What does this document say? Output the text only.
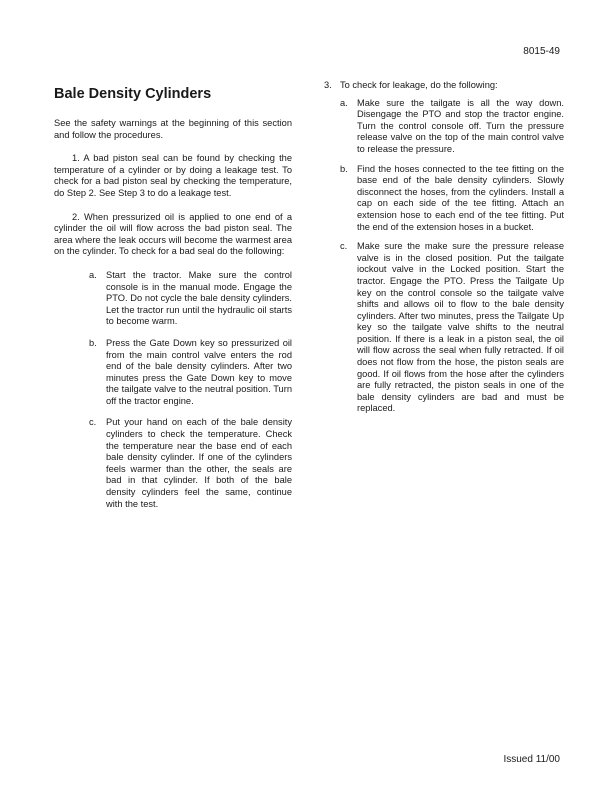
8015-49
Bale Density Cylinders

See the safety warnings at the beginning of this section and follow the procedures.

1. A bad piston seal can be found by checking the temperature of a cylinder or by doing a leakage test. To check for a bad piston seal by checking the temperature, do Step 2. See Step 3 to do a leakage test.

2. When pressurized oil is applied to one end of a cylinder the oil will flow across the bad piston seal. The area where the leak occurs will become the warmest area on the cylinder. To check for a bad seal do the following:

a. Start the tractor. Make sure the control console is in the manual mode. Engage the PTO. Do not cycle the bale density cylinders. Let the tractor run until the hydraulic oil starts to become warm.
b. Press the Gate Down key so pressurized oil from the main control valve enters the rod end of the bale density cylinders. After two minutes press the Gate Down key to move the tailgate valve to the neutral position. Turn off the tractor engine.
c.	Put your hand on each of the bale density cylinders to check the temperature. Check the temperature near the base end of each bale density cylinder. If one of the cylinders feels warmer than the other, the seals are bad in that cylinder. If both of the bale density cylinders feel the same, continue with the test.
3. To check for leakage, do the following:
a. Make sure the tailgate is all the way down. Disengage the PTO and stop the tractor engine. Turn the control console off. Turn the pressure release valve on the top of the main control valve to release the pressure.
b. Find the hoses connected to the tee fitting on the base end of the bale density cylinders. Slowly disconnect the hoses, from the cylinders. Install a cap on each side of the tee fitting. Attach an extension hose to each end of the tee fitting. Put the end of the extension hoses in a bucket.
c.	Make sure the make sure the pressure release valve is in the closed position. Put the tailgate iockout valve in the Locked position. Start the tractor. Engage the PTO. Press the Tailgate Up key on the control console so the tailgate valve shifts and allows oil to flow to the bale density cylinders. After two minutes, press the Tailgate Up key so the tailgate valve shifts to the neutral position. If there is a leak in a piston seal, the oil will flow across the seal when fully retracted. If oil does not flow from the hose, the piston seals are good. If oil flows from the hose after the cylinders are fully retracted, the piston seals in one of the bale density cylinders are bad and must be replaced.
Issued 11/00
